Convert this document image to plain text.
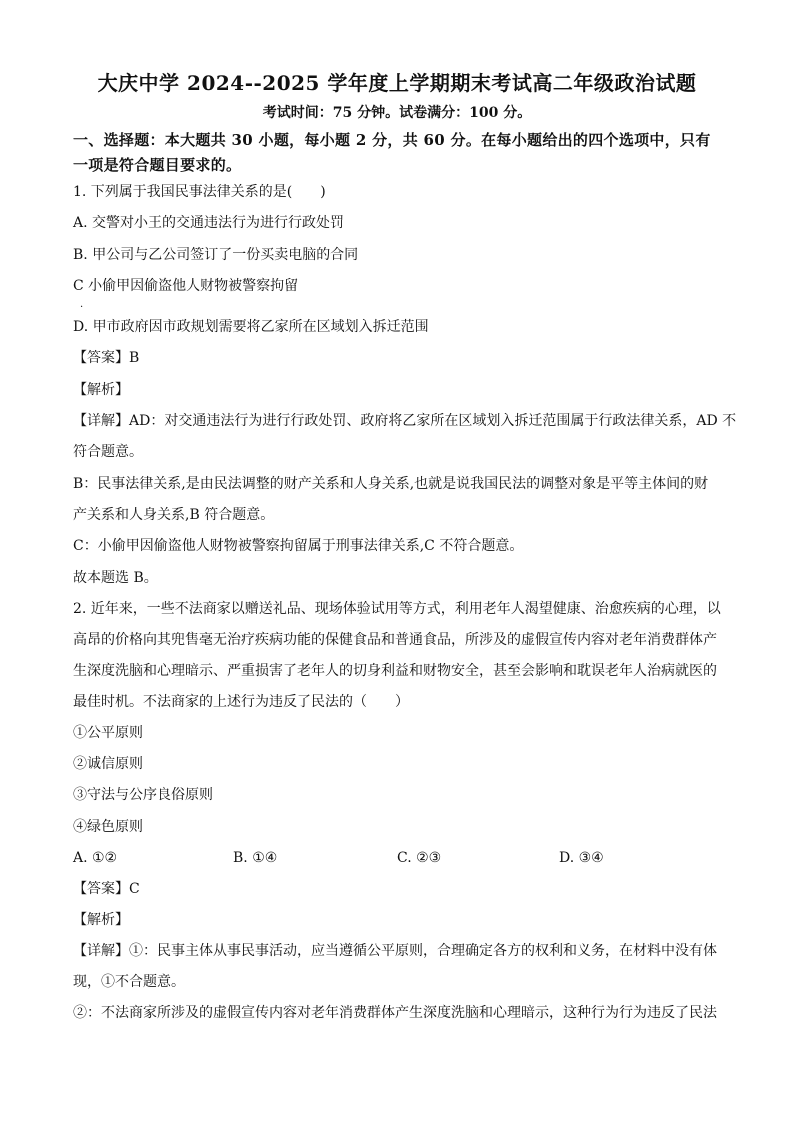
大庆中学 2024--2025 学年度上学期期末考试高二年级政治试题
考试时间：75 分钟。试卷满分：100 分。
一、选择题：本大题共 30 小题，每小题 2 分，共 60 分。在每小题给出的四个选项中，只有
一项是符合题目要求的。
1. 下列属于我国民事法律关系的是(　　)
A. 交警对小王的交通违法行为进行行政处罚
B. 甲公司与乙公司签订了一份买卖电脑的合同
C 小偷甲因偷盗他人财物被警察拘留
.
D. 甲市政府因市政规划需要将乙家所在区域划入拆迁范围
【答案】B
【解析】
【详解】AD：对交通违法行为进行行政处罚、政府将乙家所在区域划入拆迁范围属于行政法律关系，AD 不
符合题意。
B：民事法律关系,是由民法调整的财产关系和人身关系,也就是说我国民法的调整对象是平等主体间的财
产关系和人身关系,B 符合题意。
C：小偷甲因偷盗他人财物被警察拘留属于刑事法律关系,C 不符合题意。
故本题选 B。
2. 近年来，一些不法商家以赠送礼品、现场体验试用等方式，利用老年人渴望健康、治愈疾病的心理，以
高昂的价格向其兜售毫无治疗疾病功能的保健食品和普通食品，所涉及的虚假宣传内容对老年消费群体产
生深度洗脑和心理暗示、严重损害了老年人的切身利益和财物安全，甚至会影响和耽误老年人治病就医的
最佳时机。不法商家的上述行为违反了民法的（　　）
①公平原则
②诚信原则
③守法与公序良俗原则
④绿色原则
A. ①②	B. ①④	C. ②③	D. ③④
【答案】C
【解析】
【详解】①：民事主体从事民事活动，应当遵循公平原则，合理确定各方的权利和义务，在材料中没有体
现，①不合题意。
②：不法商家所涉及的虚假宣传内容对老年消费群体产生深度洗脑和心理暗示，这种行为行为违反了民法
